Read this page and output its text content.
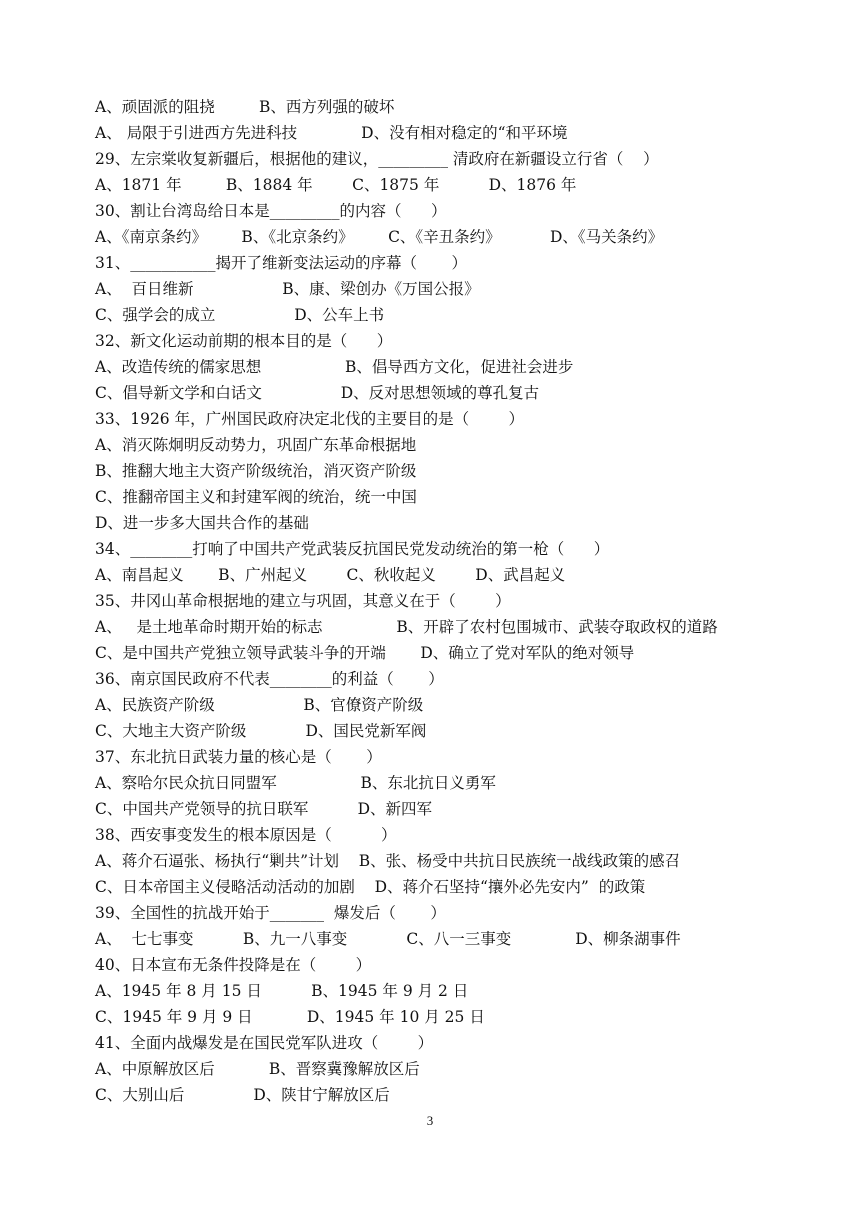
A、顽固派的阻挠         B、西方列强的破坏
A、 局限于引进西方先进科技             D、没有相对稳定的“和平环境
29、左宗棠收复新疆后，根据他的建议，_________ 清政府在新疆设立行省（    ）
A、1871 年         B、1884 年        C、1875 年          D、1876 年
30、割让台湾岛给日本是_________的内容（      ）
A、《南京条约》       B、《北京条约》       C、《辛丑条约》          D、《马关条约》
31、___________揭开了维新变法运动的序幕（       ）
A、  百日维新                  B、康、梁创办《万国公报》
C、强学会的成立                D、公车上书
32、新文化运动前期的根本目的是（      ）
A、改造传统的儒家思想                 B、倡导西方文化，促进社会进步
C、倡导新文学和白话文                D、反对思想领域的尊孔复古
33、1926 年，广州国民政府决定北伐的主要目的是（        ）
A、消灭陈炯明反动势力，巩固广东革命根据地
B、推翻大地主大资产阶级统治，消灭资产阶级
C、推翻帝国主义和封建军阀的统治，统一中国
D、进一步多大国共合作的基础
34、________打响了中国共产党武装反抗国民党发动统治的第一枪（      ）
A、南昌起义       B、广州起义        C、秋收起义        D、武昌起义
35、井冈山革命根据地的建立与巩固，其意义在于（        ）
A、   是土地革命时期开始的标志               B、开辟了农村包围城市、武装夺取政权的道路
C、是中国共产党独立领导武装斗争的开端       D、确立了党对军队的绝对领导
36、南京国民政府不代表________的利益（       ）
A、民族资产阶级                  B、官僚资产阶级
C、大地主大资产阶级            D、国民党新军阀
37、东北抗日武装力量的核心是（       ）
A、察哈尔民众抗日同盟军                 B、东北抗日义勇军
C、中国共产党领导的抗日联军          D、新四军
38、西安事变发生的根本原因是（          ）
A、蒋介石逼张、杨执行“剿共”计划    B、张、杨受中共抗日民族统一战线政策的感召
C、日本帝国主义侵略活动活动的加剧    D、蒋介石坚持“攘外必先安内”  的政策
39、全国性的抗战开始于_______  爆发后（       ）
A、  七七事变          B、九一八事变            C、八一三事变             D、柳条湖事件
40、日本宣布无条件投降是在（        ）
A、1945 年 8 月 15 日          B、1945 年 9 月 2 日
C、1945 年 9 月 9 日           D、1945 年 10 月 25 日
41、全面内战爆发是在国民党军队进攻（        ）
A、中原解放区后           B、晋察冀豫解放区后
C、大别山后              D、陕甘宁解放区后
3
